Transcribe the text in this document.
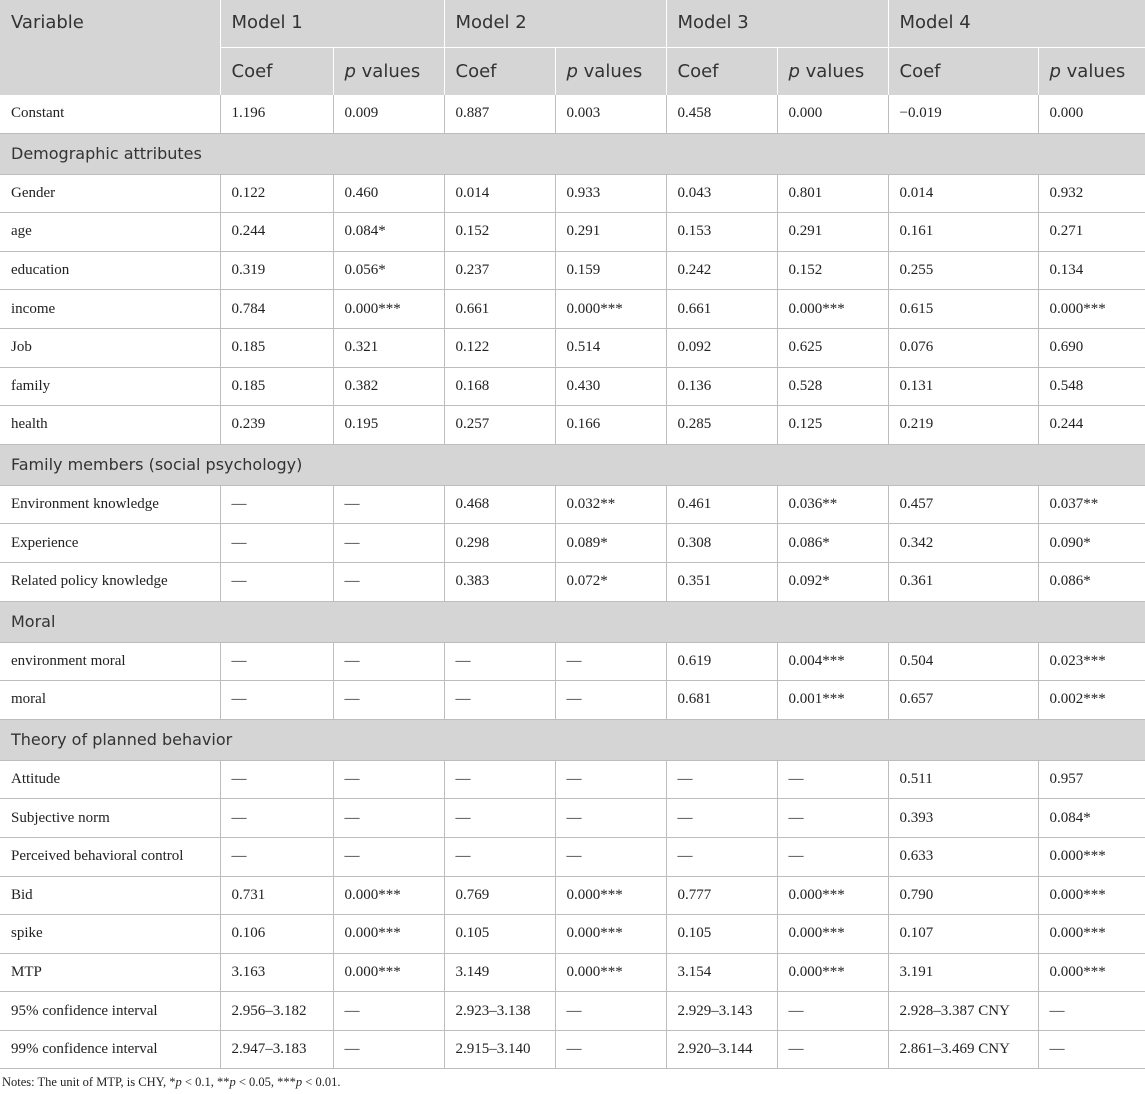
Variable	Model 1		Model 2		Model 3		Model 4	
	Coef	p values	Coef	p values	Coef	p values	Coef	p values
Constant	1.196	0.009	0.887	0.003	0.458	0.000	−0.019	0.000
Demographic attributes								
Gender	0.122	0.460	0.014	0.933	0.043	0.801	0.014	0.932
age	0.244	0.084*	0.152	0.291	0.153	0.291	0.161	0.271
education	0.319	0.056*	0.237	0.159	0.242	0.152	0.255	0.134
income	0.784	0.000***	0.661	0.000***	0.661	0.000***	0.615	0.000***
Job	0.185	0.321	0.122	0.514	0.092	0.625	0.076	0.690
family	0.185	0.382	0.168	0.430	0.136	0.528	0.131	0.548
health	0.239	0.195	0.257	0.166	0.285	0.125	0.219	0.244
Family members (social psychology)								
Environment knowledge	—	—	0.468	0.032**	0.461	0.036**	0.457	0.037**
Experience	—	—	0.298	0.089*	0.308	0.086*	0.342	0.090*
Related policy knowledge	—	—	0.383	0.072*	0.351	0.092*	0.361	0.086*
Moral								
environment moral	—	—	—	—	0.619	0.004***	0.504	0.023***
moral	—	—	—	—	0.681	0.001***	0.657	0.002***
Theory of planned behavior								
Attitude	—	—	—	—	—	—	0.511	0.957
Subjective norm	—	—	—	—	—	—	0.393	0.084*
Perceived behavioral control	—	—	—	—	—	—	0.633	0.000***
Bid	0.731	0.000***	0.769	0.000***	0.777	0.000***	0.790	0.000***
spike	0.106	0.000***	0.105	0.000***	0.105	0.000***	0.107	0.000***
MTP	3.163	0.000***	3.149	0.000***	3.154	0.000***	3.191	0.000***
95% confidence interval	2.956–3.182	—	2.923–3.138	—	2.929–3.143	—	2.928–3.387 CNY	—
99% confidence interval	2.947–3.183	—	2.915–3.140	—	2.920–3.144	—	2.861–3.469 CNY	—
Notes: The unit of MTP, is CHY, *p < 0.1, **p < 0.05, ***p < 0.01.
